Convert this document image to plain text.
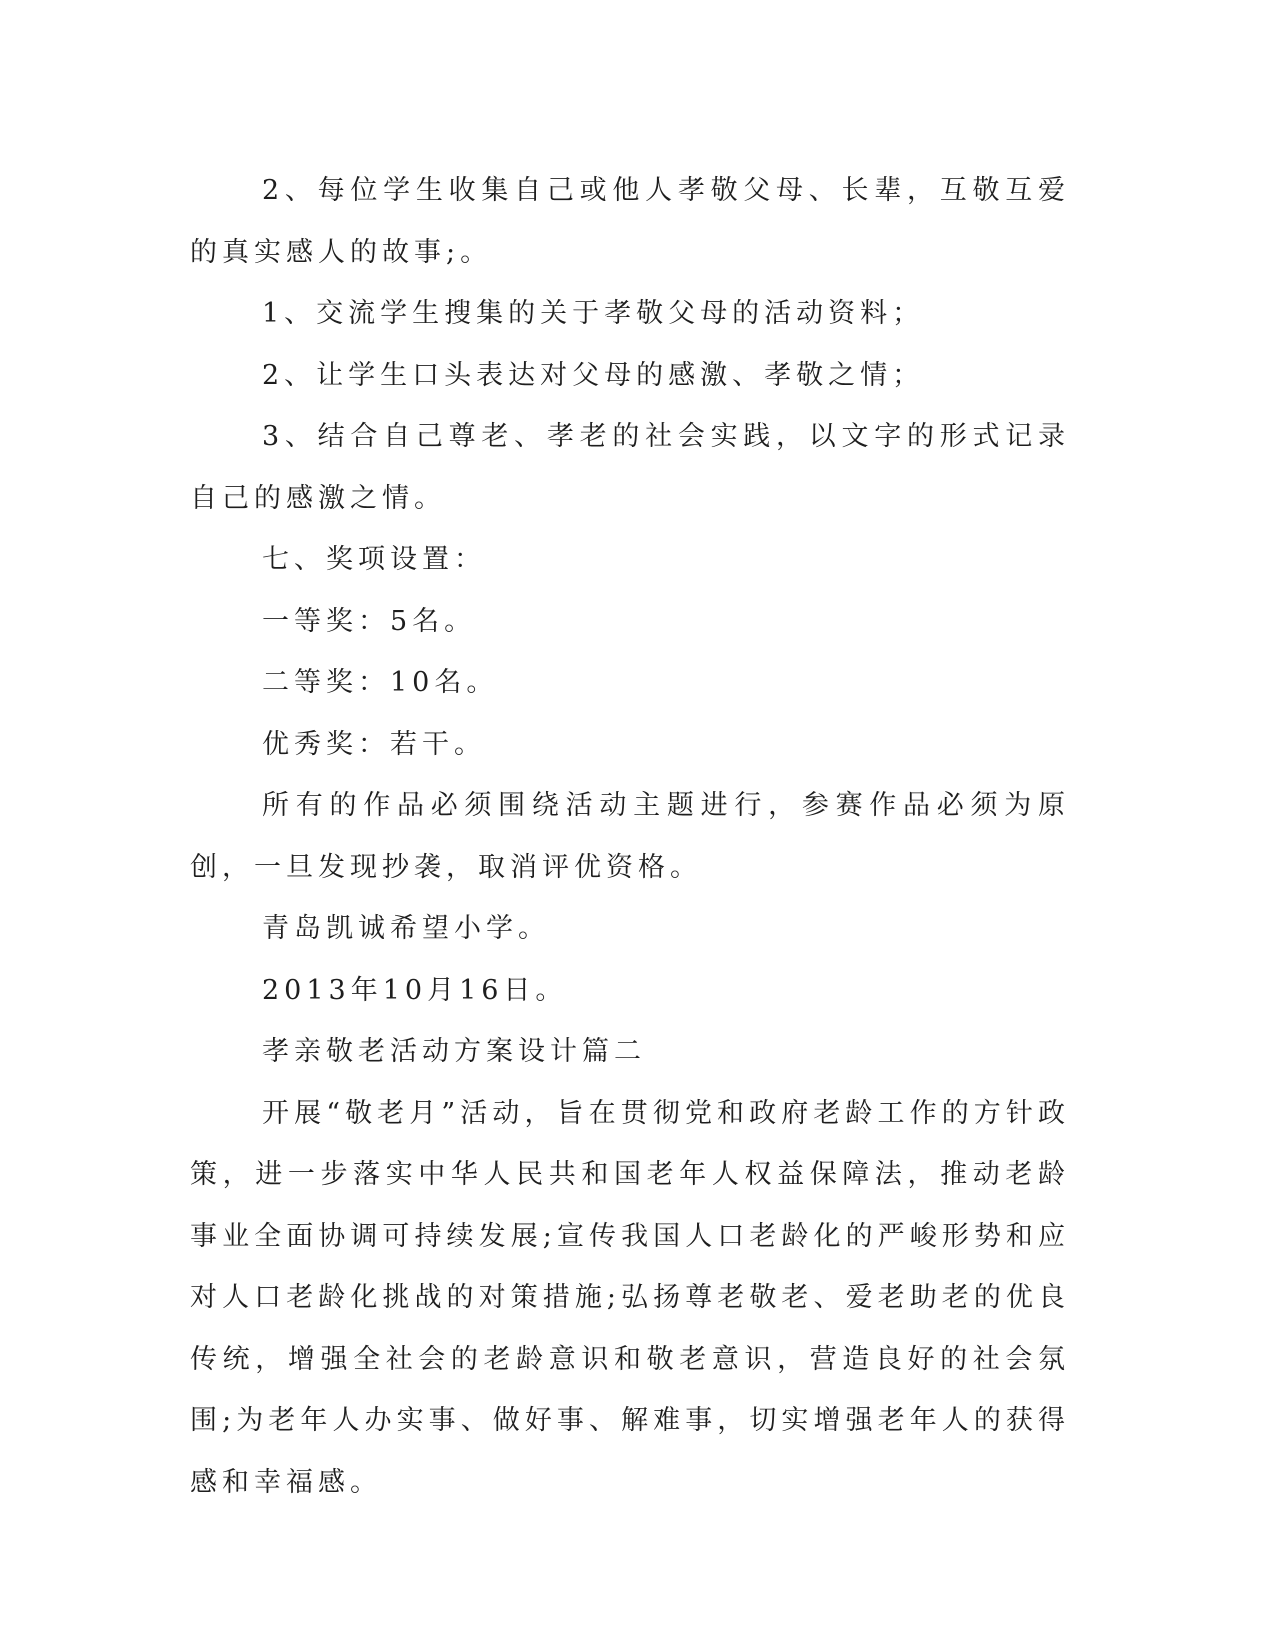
2、每位学生收集自己或他人孝敬父母、长辈，互敬互爱的真实感人的故事;。

1、交流学生搜集的关于孝敬父母的活动资料；

2、让学生口头表达对父母的感激、孝敬之情；

3、结合自己尊老、孝老的社会实践，以文字的形式记录自己的感激之情。

七、奖项设置：

一等奖：5名。

二等奖：10名。

优秀奖：若干。

所有的作品必须围绕活动主题进行，参赛作品必须为原创，一旦发现抄袭，取消评优资格。

青岛凯诚希望小学。

2013年10月16日。

孝亲敬老活动方案设计篇二

开展“敬老月”活动，旨在贯彻党和政府老龄工作的方针政策，进一步落实中华人民共和国老年人权益保障法，推动老龄事业全面协调可持续发展;宣传我国人口老龄化的严峻形势和应对人口老龄化挑战的对策措施;弘扬尊老敬老、爱老助老的优良传统，增强全社会的老龄意识和敬老意识，营造良好的社会氛围;为老年人办实事、做好事、解难事，切实增强老年人的获得感和幸福感。
